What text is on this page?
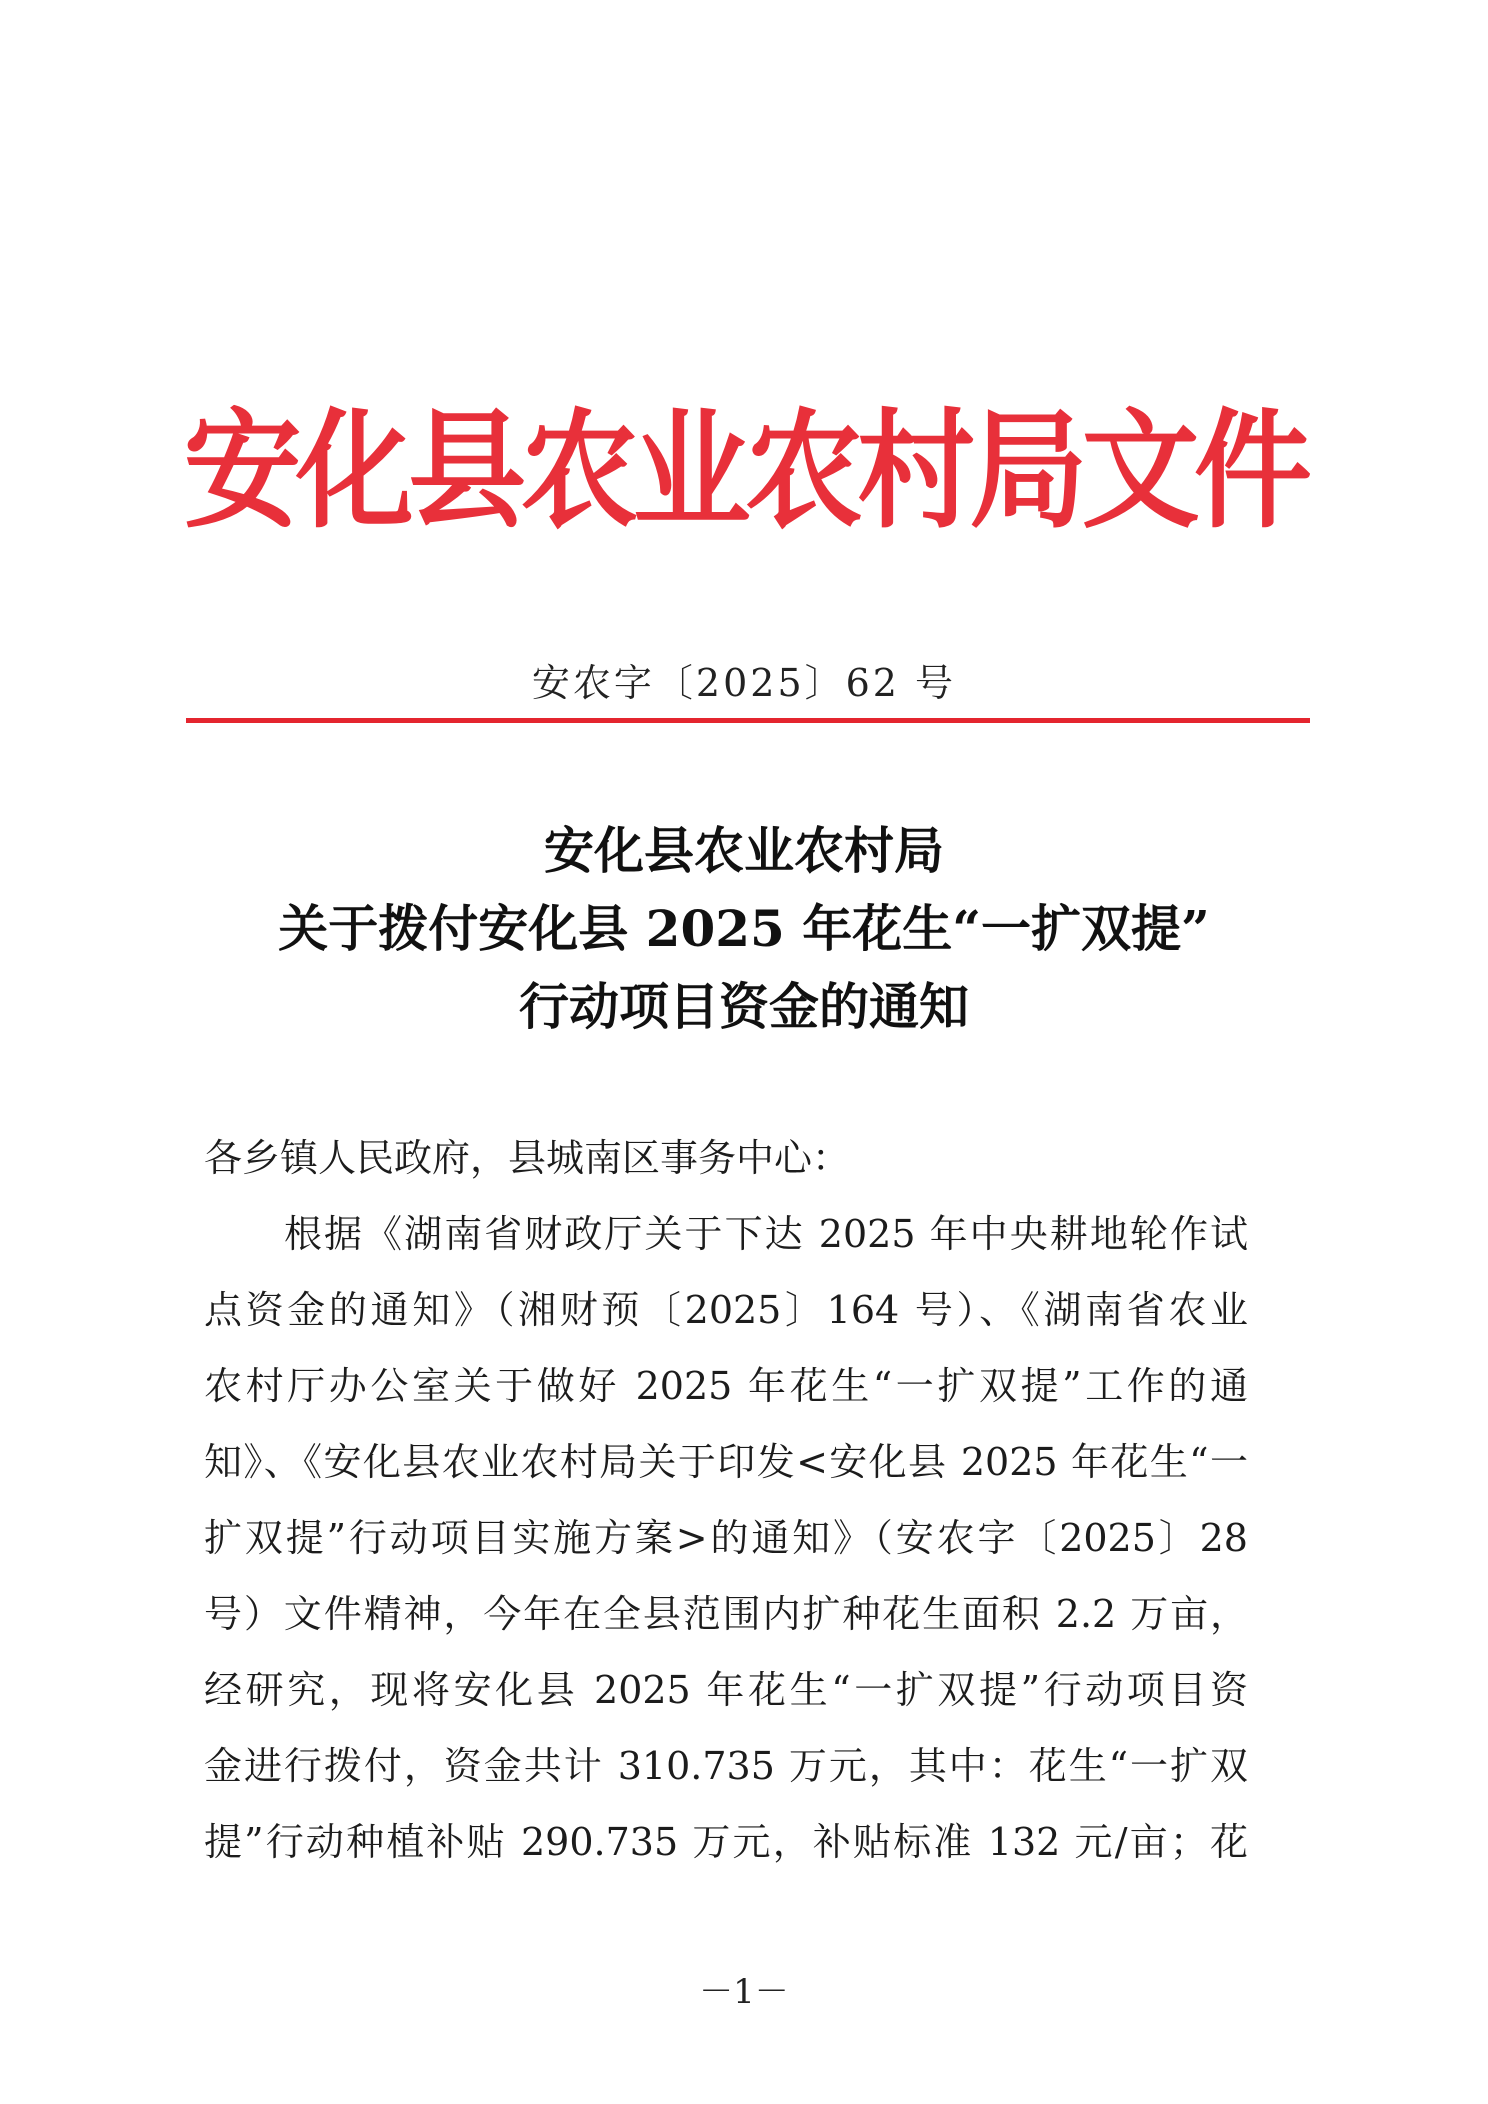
安化县农业农村局文件
安农字〔2025〕62 号
安化县农业农村局
关于拨付安化县 2025 年花生“一扩双提”
行动项目资金的通知
各乡镇人民政府，县城南区事务中心：
根据《湖南省财政厅关于下达 2025 年中央耕地轮作试
点资金的通知》（湘财预〔2025〕164 号）、《湖南省农业
农村厅办公室关于做好 2025 年花生“一扩双提”工作的通
知》、《安化县农业农村局关于印发<安化县 2025 年花生“一
扩双提”行动项目实施方案>的通知》（安农字〔2025〕28
号）文件精神，今年在全县范围内扩种花生面积 2.2 万亩，
经研究，现将安化县 2025 年花生“一扩双提”行动项目资
金进行拨付，资金共计 310.735 万元，其中：花生“一扩双
提”行动种植补贴 290.735 万元，补贴标准 132 元/亩；花
－1－
